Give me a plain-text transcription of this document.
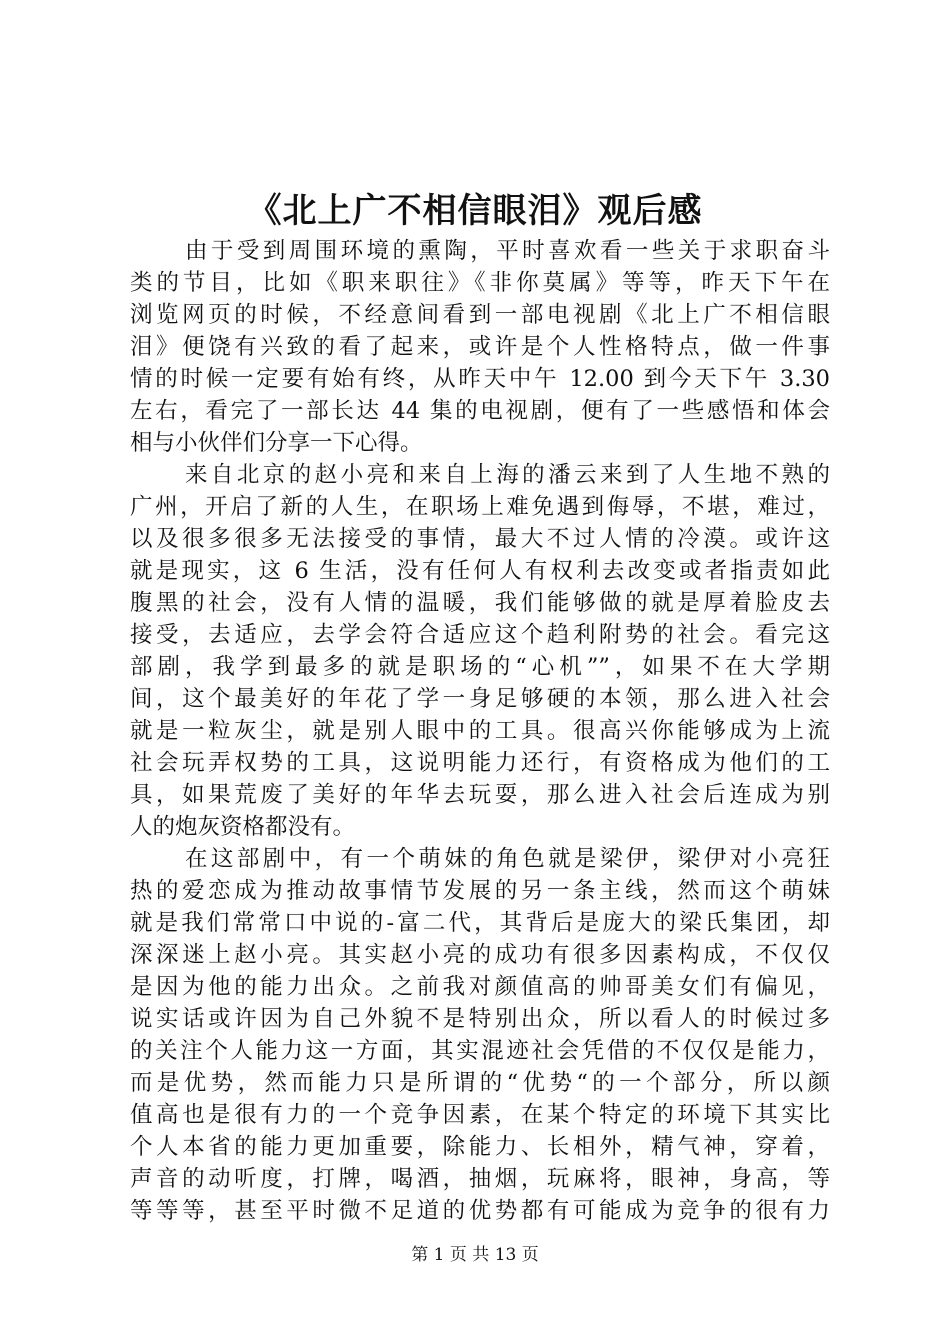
《北上广不相信眼泪》观后感
由于受到周围环境的熏陶，平时喜欢看一些关于求职奋斗
类的节目，比如《职来职往》《非你莫属》等等，昨天下午在
浏览网页的时候，不经意间看到一部电视剧《北上广不相信眼
泪》便饶有兴致的看了起来，或许是个人性格特点，做一件事
情的时候一定要有始有终，从昨天中午 12.00 到今天下午 3.30
左右，看完了一部长达 44 集的电视剧，便有了一些感悟和体会
相与小伙伴们分享一下心得。
来自北京的赵小亮和来自上海的潘云来到了人生地不熟的
广州，开启了新的人生，在职场上难免遇到侮辱，不堪，难过，
以及很多很多无法接受的事情，最大不过人情的冷漠。或许这
就是现实，这 6 生活，没有任何人有权利去改变或者指责如此
腹黑的社会，没有人情的温暖，我们能够做的就是厚着脸皮去
接受，去适应，去学会符合适应这个趋利附势的社会。看完这
部剧，我学到最多的就是职场的“心机””，如果不在大学期
间，这个最美好的年花了学一身足够硬的本领，那么进入社会
就是一粒灰尘，就是别人眼中的工具。很高兴你能够成为上流
社会玩弄权势的工具，这说明能力还行，有资格成为他们的工
具，如果荒废了美好的年华去玩耍，那么进入社会后连成为别
人的炮灰资格都没有。
在这部剧中，有一个萌妹的角色就是梁伊，梁伊对小亮狂
热的爱恋成为推动故事情节发展的另一条主线，然而这个萌妹
就是我们常常口中说的-富二代，其背后是庞大的梁氏集团，却
深深迷上赵小亮。其实赵小亮的成功有很多因素构成，不仅仅
是因为他的能力出众。之前我对颜值高的帅哥美女们有偏见，
说实话或许因为自己外貌不是特别出众，所以看人的时候过多
的关注个人能力这一方面，其实混迹社会凭借的不仅仅是能力，
而是优势，然而能力只是所谓的“优势“的一个部分，所以颜
值高也是很有力的一个竞争因素，在某个特定的环境下其实比
个人本省的能力更加重要，除能力、长相外，精气神，穿着，
声音的动听度，打牌，喝酒，抽烟，玩麻将，眼神，身高，等
等等等，甚至平时微不足道的优势都有可能成为竞争的很有力
第 1 页 共 13 页
